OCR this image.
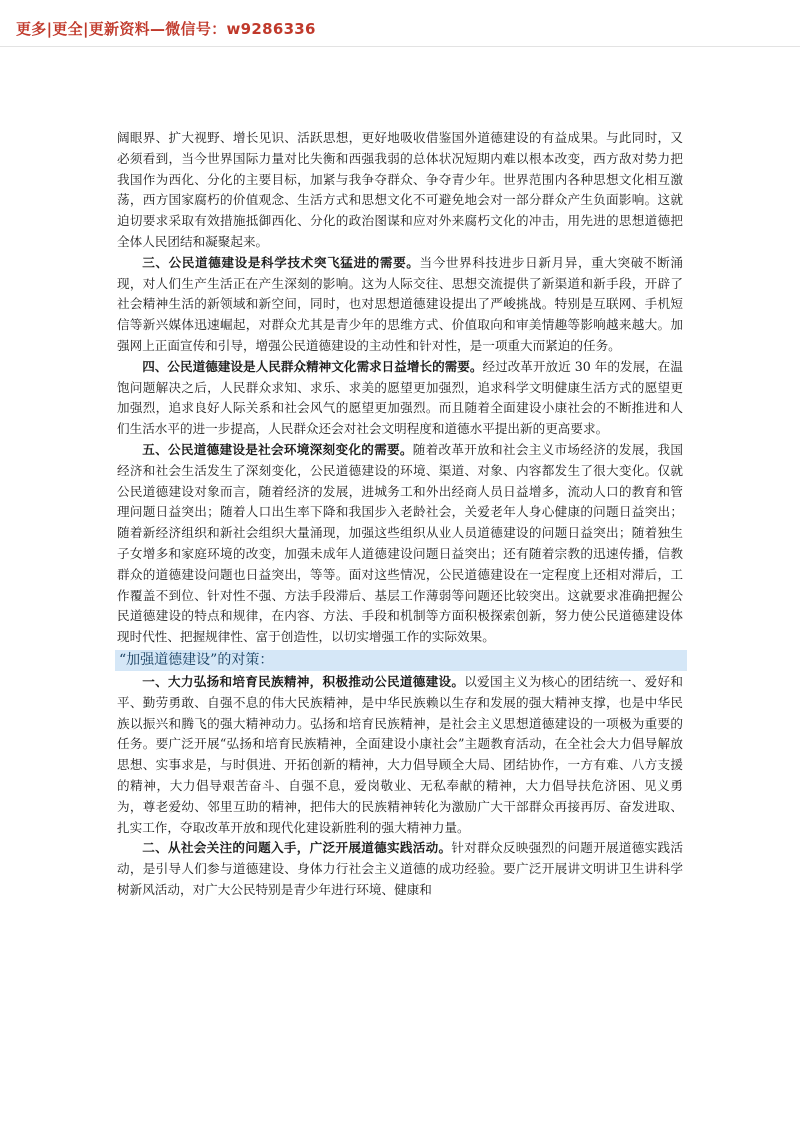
更多|更全|更新资料—微信号：w9286336

阔眼界、扩大视野、增长见识、活跃思想，更好地吸收借鉴国外道德建设的有益成果。与此同时，又必须看到，当今世界国际力量对比失衡和西强我弱的总体状况短期内难以根本改变，西方敌对势力把我国作为西化、分化的主要目标，加紧与我争夺群众、争夺青少年。世界范围内各种思想文化相互激荡，西方国家腐朽的价值观念、生活方式和思想文化不可避免地会对一部分群众产生负面影响。这就迫切要求采取有效措施抵御西化、分化的政治图谋和应对外来腐朽文化的冲击，用先进的思想道德把全体人民团结和凝聚起来。

三、公民道德建设是科学技术突飞猛进的需要。当今世界科技进步日新月异，重大突破不断涌现，对人们生产生活正在产生深刻的影响。这为人际交往、思想交流提供了新渠道和新手段，开辟了社会精神生活的新领域和新空间，同时，也对思想道德建设提出了严峻挑战。特别是互联网、手机短信等新兴媒体迅速崛起，对群众尤其是青少年的思维方式、价值取向和审美情趣等影响越来越大。加强网上正面宣传和引导，增强公民道德建设的主动性和针对性，是一项重大而紧迫的任务。

四、公民道德建设是人民群众精神文化需求日益增长的需要。经过改革开放近 30 年的发展，在温饱问题解决之后，人民群众求知、求乐、求美的愿望更加强烈，追求科学文明健康生活方式的愿望更加强烈，追求良好人际关系和社会风气的愿望更加强烈。而且随着全面建设小康社会的不断推进和人们生活水平的进一步提高，人民群众还会对社会文明程度和道德水平提出新的更高要求。

五、公民道德建设是社会环境深刻变化的需要。随着改革开放和社会主义市场经济的发展，我国经济和社会生活发生了深刻变化，公民道德建设的环境、渠道、对象、内容都发生了很大变化。仅就公民道德建设对象而言，随着经济的发展，进城务工和外出经商人员日益增多，流动人口的教育和管理问题日益突出；随着人口出生率下降和我国步入老龄社会，关爱老年人身心健康的问题日益突出；随着新经济组织和新社会组织大量涌现，加强这些组织从业人员道德建设的问题日益突出；随着独生子女增多和家庭环境的改变，加强未成年人道德建设问题日益突出；还有随着宗教的迅速传播，信教群众的道德建设问题也日益突出，等等。面对这些情况，公民道德建设在一定程度上还相对滞后，工作覆盖不到位、针对性不强、方法手段滞后、基层工作薄弱等问题还比较突出。这就要求准确把握公民道德建设的特点和规律，在内容、方法、手段和机制等方面积极探索创新，努力使公民道德建设体现时代性、把握规律性、富于创造性，以切实增强工作的实际效果。

“加强道德建设”的对策：

一、大力弘扬和培育民族精神，积极推动公民道德建设。以爱国主义为核心的团结统一、爱好和平、勤劳勇敢、自强不息的伟大民族精神，是中华民族赖以生存和发展的强大精神支撑，也是中华民族以振兴和腾飞的强大精神动力。弘扬和培育民族精神，是社会主义思想道德建设的一项极为重要的任务。要广泛开展“弘扬和培育民族精神，全面建设小康社会”主题教育活动，在全社会大力倡导解放思想、实事求是，与时俱进、开拓创新的精神，大力倡导顾全大局、团结协作，一方有难、八方支援的精神，大力倡导艰苦奋斗、自强不息，爱岗敬业、无私奉献的精神，大力倡导扶危济困、见义勇为，尊老爱幼、邻里互助的精神，把伟大的民族精神转化为激励广大干部群众再接再厉、奋发进取、扎实工作，夺取改革开放和现代化建设新胜利的强大精神力量。

二、从社会关注的问题入手，广泛开展道德实践活动。针对群众反映强烈的问题开展道德实践活动，是引导人们参与道德建设、身体力行社会主义道德的成功经验。要广泛开展讲文明讲卫生讲科学树新风活动，对广大公民特别是青少年进行环境、健康和
